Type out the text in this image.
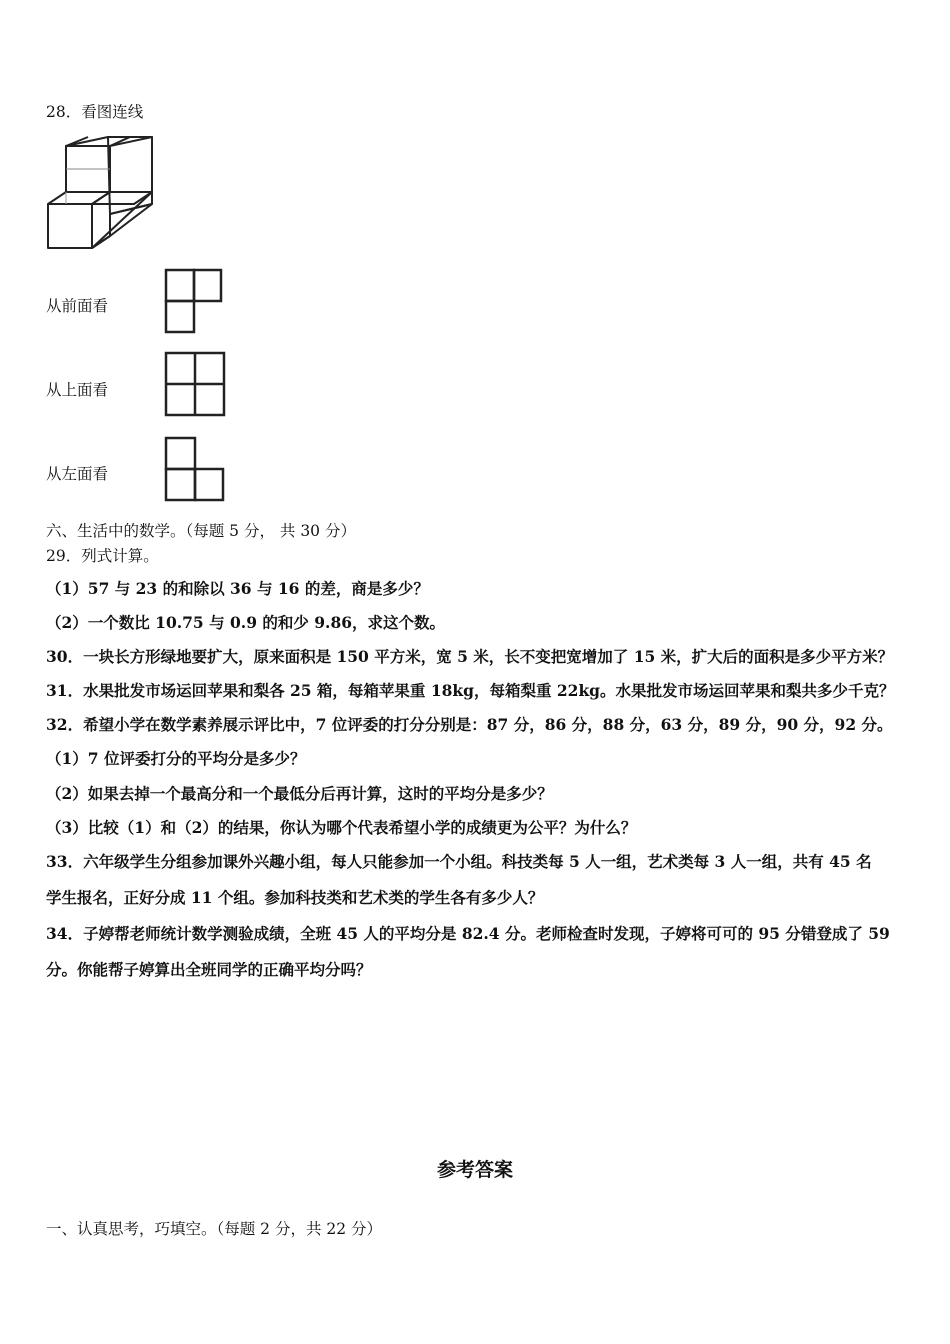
28．看图连线
从前面看
从上面看
从左面看
六、生活中的数学。（每题 5 分， 共 30 分）
29．列式计算。
（1）57 与 23 的和除以 36 与 16 的差，商是多少？
（2）一个数比 10.75 与 0.9 的和少 9.86，求这个数。
30．一块长方形绿地要扩大，原来面积是 150 平方米，宽 5 米，长不变把宽增加了 15 米，扩大后的面积是多少平方米？
31．水果批发市场运回苹果和梨各 25 箱，每箱苹果重 18kg，每箱梨重 22kg。水果批发市场运回苹果和梨共多少千克？
32．希望小学在数学素养展示评比中，7 位评委的打分分别是：87 分，86 分，88 分，63 分，89 分，90 分，92 分。
（1）7 位评委打分的平均分是多少？
（2）如果去掉一个最高分和一个最低分后再计算，这时的平均分是多少？
（3）比较（1）和（2）的结果，你认为哪个代表希望小学的成绩更为公平？为什么？
33．六年级学生分组参加课外兴趣小组，每人只能参加一个小组。科技类每 5 人一组，艺术类每 3 人一组，共有 45 名
学生报名，正好分成 11 个组。参加科技类和艺术类的学生各有多少人？
34．子婷帮老师统计数学测验成绩，全班 45 人的平均分是 82.4 分。老师检查时发现，子婷将可可的 95 分错登成了 59
分。你能帮子婷算出全班同学的正确平均分吗？
参考答案
一、认真思考，巧填空。（每题 2 分，共 22 分）
